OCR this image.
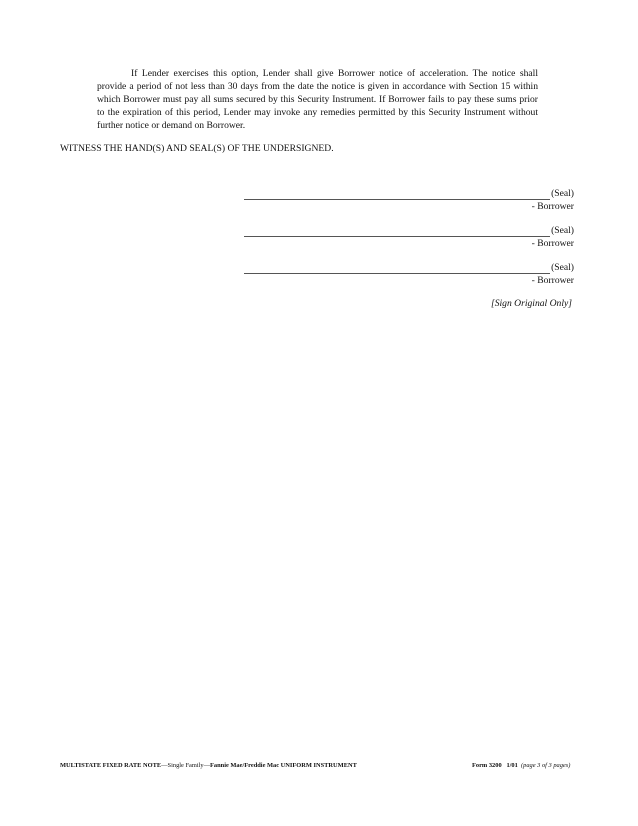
If Lender exercises this option, Lender shall give Borrower notice of acceleration. The notice shall provide a period of not less than 30 days from the date the notice is given in accordance with Section 15 within which Borrower must pay all sums secured by this Security Instrument. If Borrower fails to pay these sums prior to the expiration of this period, Lender may invoke any remedies permitted by this Security Instrument without further notice or demand on Borrower.

WITNESS THE HAND(S) AND SEAL(S) OF THE UNDERSIGNED.

(Seal)
- Borrower
(Seal)
- Borrower
(Seal)
- Borrower
[Sign Original Only]
MULTISTATE FIXED RATE NOTE—Single Family—Fannie Mae/Freddie Mac UNIFORM INSTRUMENT	Form 3200 1/01 (page 3 of 3 pages)
